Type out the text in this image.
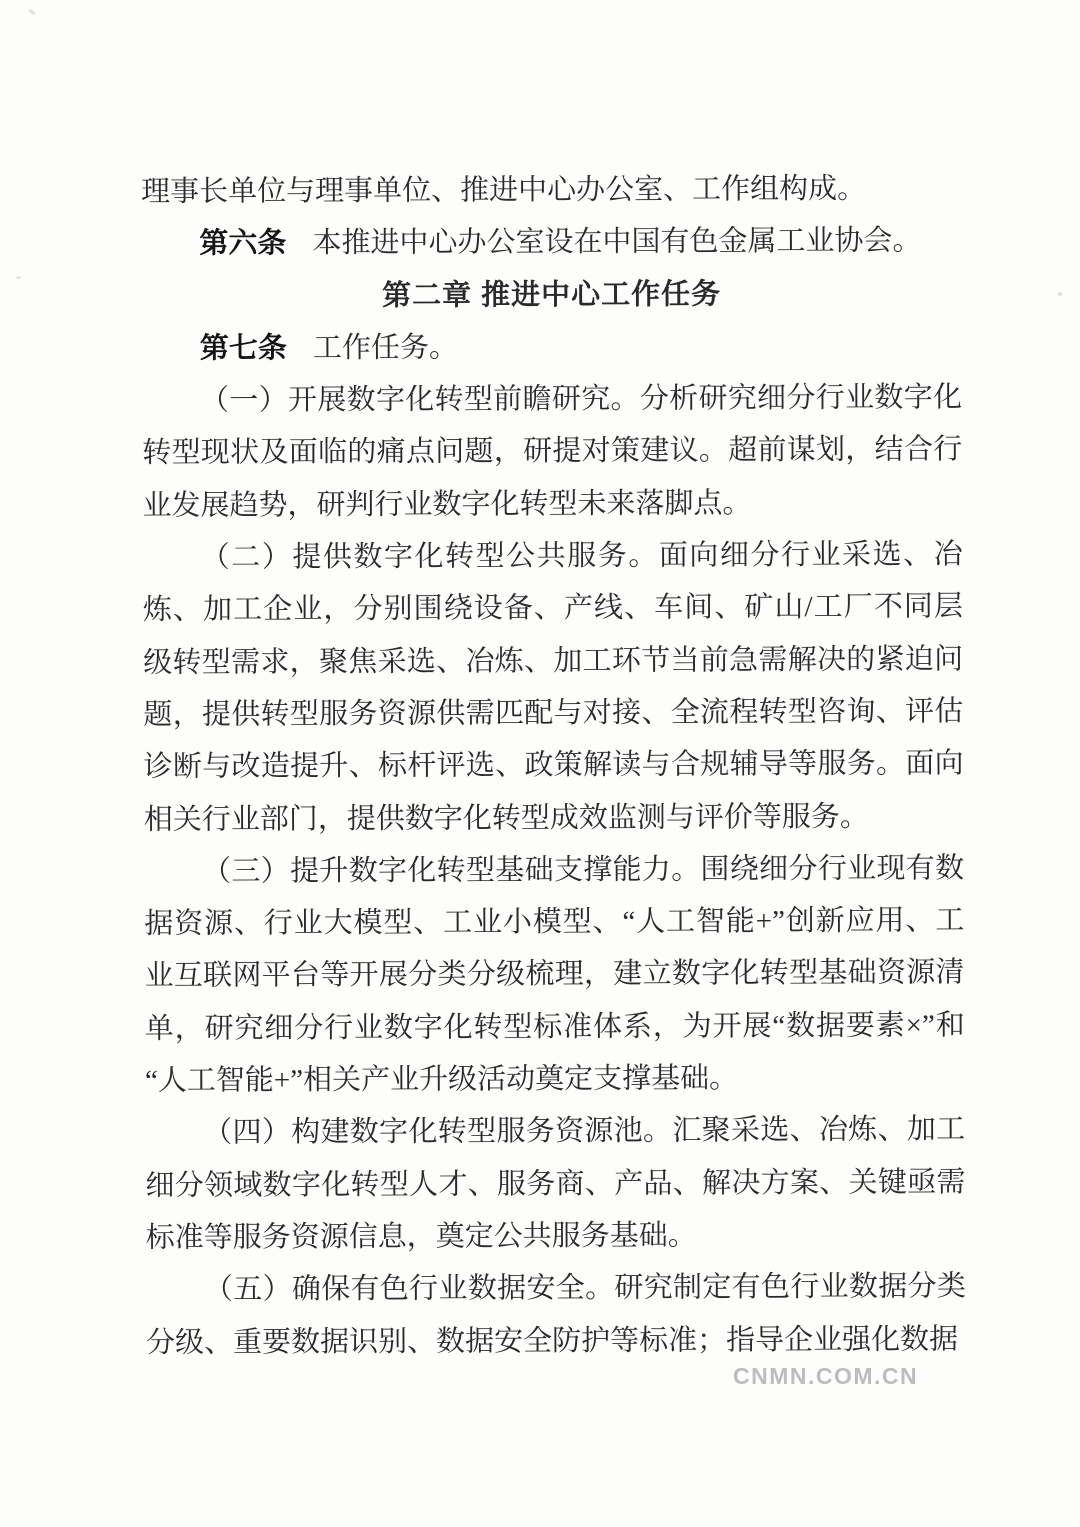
理事长单位与理事单位、推进中心办公室、工作组构成。

第六条 本推进中心办公室设在中国有色金属工业协会。

第二章 推进中心工作任务

第七条 工作任务。

（一）开展数字化转型前瞻研究。分析研究细分行业数字化转型现状及面临的痛点问题，研提对策建议。超前谋划，结合行业发展趋势，研判行业数字化转型未来落脚点。

（二）提供数字化转型公共服务。面向细分行业采选、冶炼、加工企业，分别围绕设备、产线、车间、矿山/工厂不同层级转型需求，聚焦采选、冶炼、加工环节当前急需解决的紧迫问题，提供转型服务资源供需匹配与对接、全流程转型咨询、评估诊断与改造提升、标杆评选、政策解读与合规辅导等服务。面向相关行业部门，提供数字化转型成效监测与评价等服务。

（三）提升数字化转型基础支撑能力。围绕细分行业现有数据资源、行业大模型、工业小模型、“人工智能+”创新应用、工业互联网平台等开展分类分级梳理，建立数字化转型基础资源清单，研究细分行业数字化转型标准体系，为开展“数据要素×”和“人工智能+”相关产业升级活动奠定支撑基础。

（四）构建数字化转型服务资源池。汇聚采选、冶炼、加工细分领域数字化转型人才、服务商、产品、解决方案、关键亟需标准等服务资源信息，奠定公共服务基础。

（五）确保有色行业数据安全。研究制定有色行业数据分类分级、重要数据识别、数据安全防护等标准；指导企业强化数据

CNMN.COM.CN
